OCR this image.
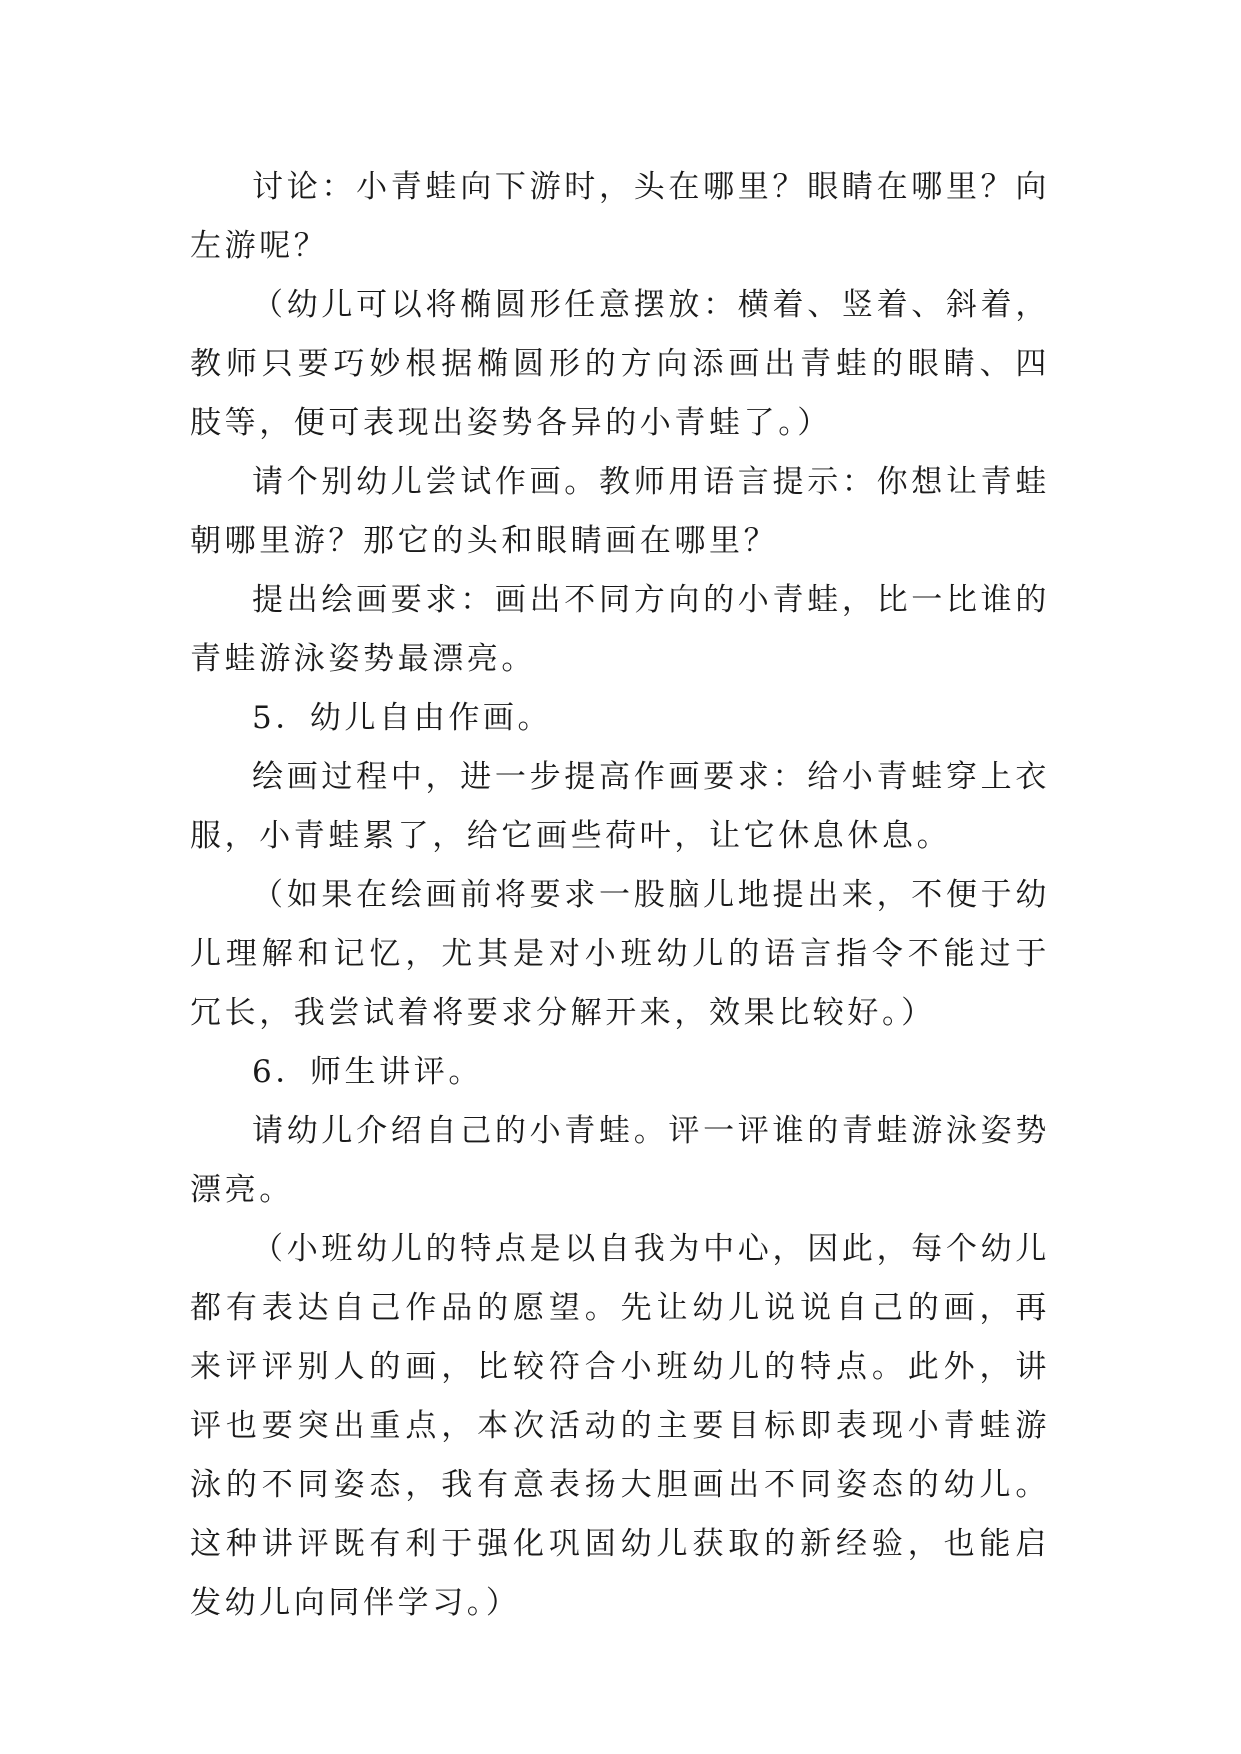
讨论：小青蛙向下游时，头在哪里？眼睛在哪里？向左游呢？

（幼儿可以将椭圆形任意摆放：横着、竖着、斜着，教师只要巧妙根据椭圆形的方向添画出青蛙的眼睛、四肢等，便可表现出姿势各异的小青蛙了。）

请个别幼儿尝试作画。教师用语言提示：你想让青蛙朝哪里游？那它的头和眼睛画在哪里？

提出绘画要求：画出不同方向的小青蛙，比一比谁的青蛙游泳姿势最漂亮。

5．幼儿自由作画。

绘画过程中，进一步提高作画要求：给小青蛙穿上衣服，小青蛙累了，给它画些荷叶，让它休息休息。

（如果在绘画前将要求一股脑儿地提出来，不便于幼儿理解和记忆，尤其是对小班幼儿的语言指令不能过于冗长，我尝试着将要求分解开来，效果比较好。）

6．师生讲评。

请幼儿介绍自己的小青蛙。评一评谁的青蛙游泳姿势漂亮。

（小班幼儿的特点是以自我为中心，因此，每个幼儿都有表达自己作品的愿望。先让幼儿说说自己的画，再来评评别人的画，比较符合小班幼儿的特点。此外，讲评也要突出重点，本次活动的主要目标即表现小青蛙游泳的不同姿态，我有意表扬大胆画出不同姿态的幼儿。这种讲评既有利于强化巩固幼儿获取的新经验，也能启发幼儿向同伴学习。）
